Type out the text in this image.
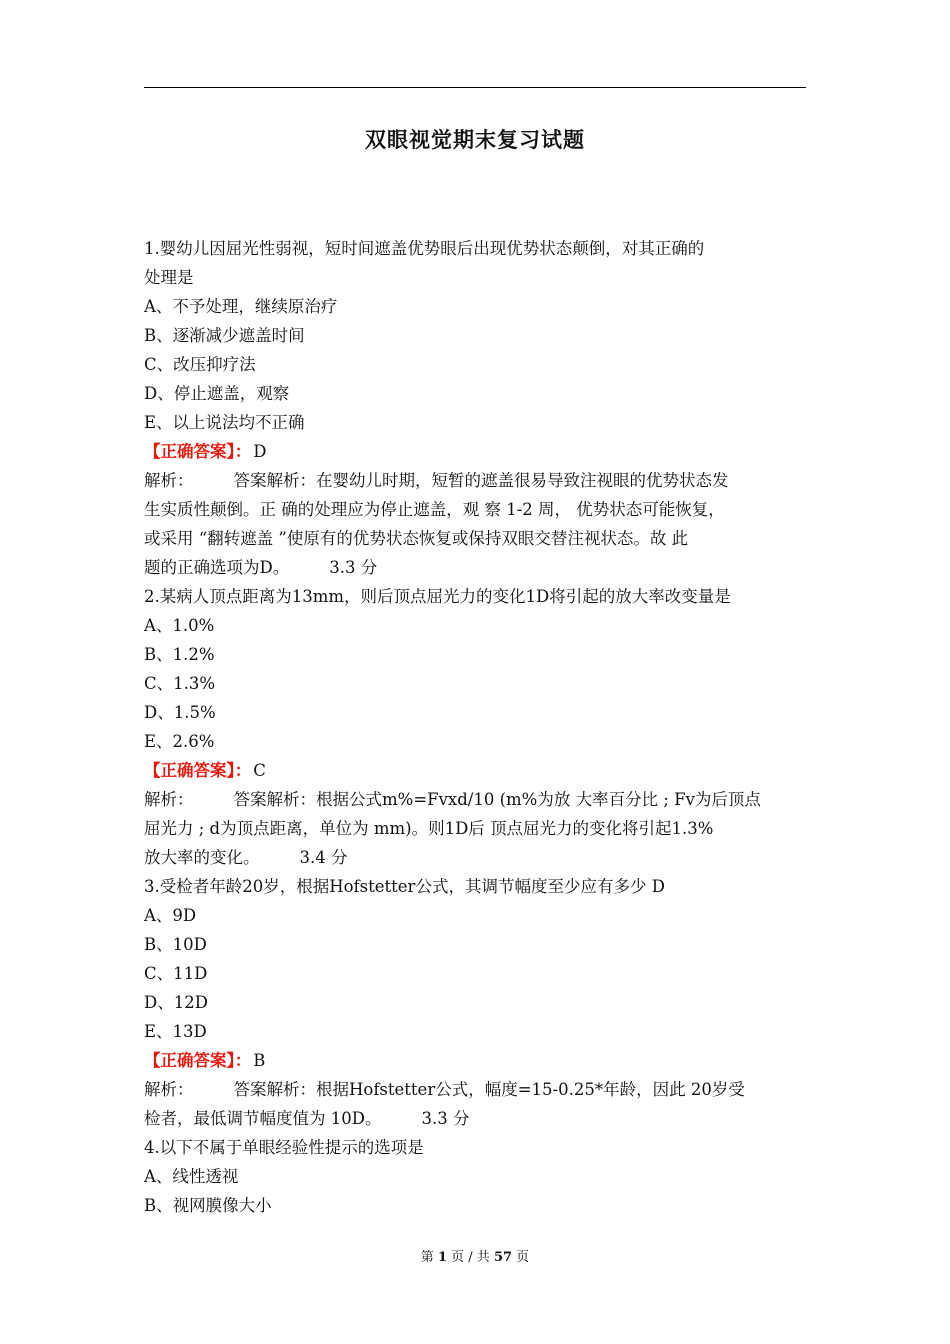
双眼视觉期末复习试题
1.婴幼儿因屈光性弱视，短时间遮盖优势眼后出现优势状态颠倒，对其正确的
处理是
A、不予处理，继续原治疗
B、逐渐减少遮盖时间
C、改压抑疗法
D、停止遮盖，观察
E、以上说法均不正确
【正确答案】： D
解析： 答案解析：在婴幼儿时期，短暂的遮盖很易导致注视眼的优势状态发
生实质性颠倒。正 确的处理应为停止遮盖，观 察 1-2 周， 优势状态可能恢复，
或采用 “翻转遮盖 ”使原有的优势状态恢复或保持双眼交替注视状态。故 此
题的正确选项为D。 3.3 分
2.某病人顶点距离为13mm，则后顶点屈光力的变化1D将引起的放大率改变量是
A、1.0%
B、1.2%
C、1.3%
D、1.5%
E、2.6%
【正确答案】： C
解析： 答案解析：根据公式m%=Fvxd/10 (m%为放 大率百分比 ; Fv为后顶点
屈光力 ; d为顶点距离，单位为 mm)。则1D后 顶点屈光力的变化将引起1.3%
放大率的变化。 3.4 分
3.受检者年龄20岁，根据Hofstetter公式，其调节幅度至少应有多少 D
A、9D
B、10D
C、11D
D、12D
E、13D
【正确答案】： B
解析： 答案解析：根据Hofstetter公式，幅度=15-0.25*年龄，因此 20岁受
检者，最低调节幅度值为 10D。 3.3 分
4.以下不属于单眼经验性提示的选项是
A、线性透视
B、视网膜像大小
第 1 页 / 共 57 页
